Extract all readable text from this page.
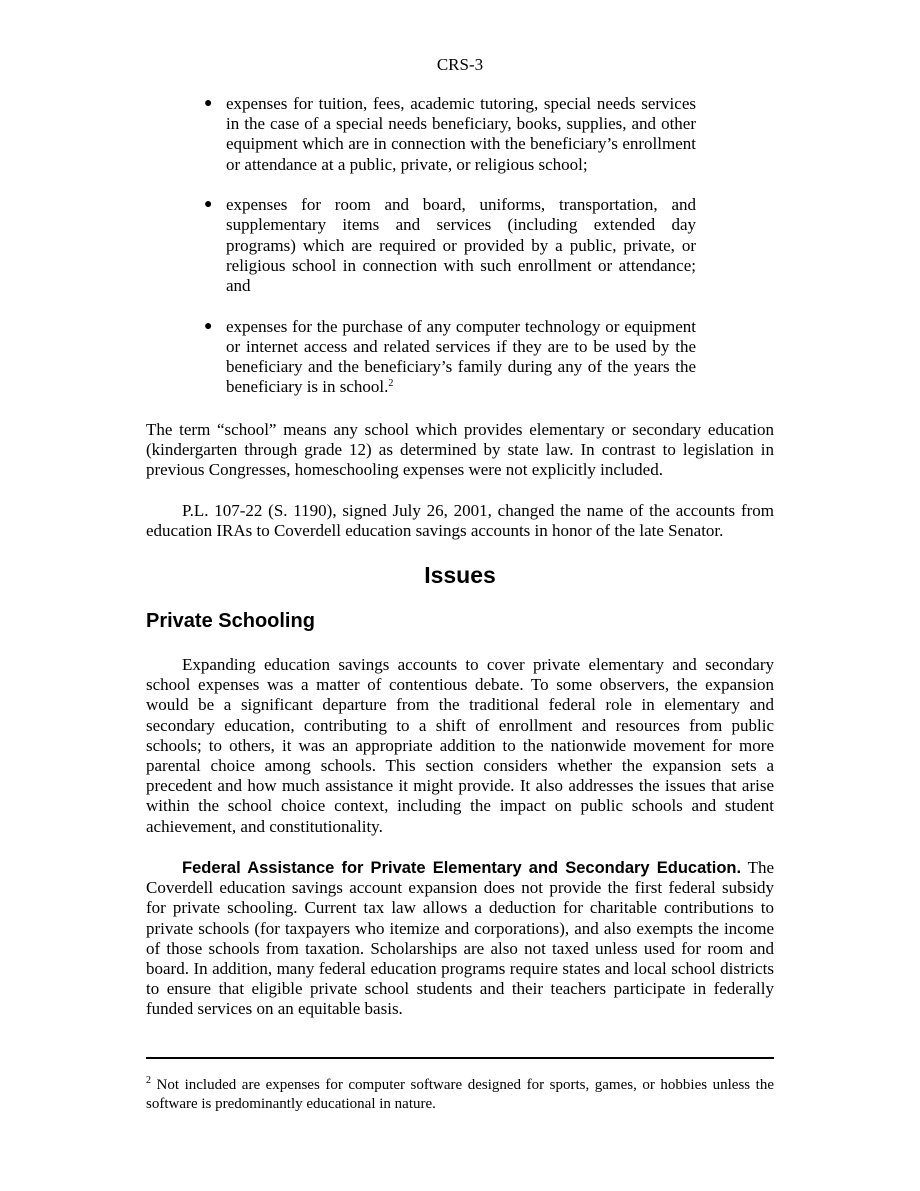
CRS-3
● expenses for tuition, fees, academic tutoring, special needs services in the case of a special needs beneficiary, books, supplies, and other equipment which are in connection with the beneficiary’s enrollment or attendance at a public, private, or religious school;
● expenses for room and board, uniforms, transportation, and supplementary items and services (including extended day programs) which are required or provided by a public, private, or religious school in connection with such enrollment or attendance; and
● expenses for the purchase of any computer technology or equipment or internet access and related services if they are to be used by the beneficiary and the beneficiary’s family during any of the years the beneficiary is in school.$^2$

The term “school” means any school which provides elementary or secondary education (kindergarten through grade 12) as determined by state law. In contrast to legislation in previous Congresses, homeschooling expenses were not explicitly included.

P.L. 107-22 (S. 1190), signed July 26, 2001, changed the name of the accounts from education IRAs to Coverdell education savings accounts in honor of the late Senator.

Issues
Private Schooling

Expanding education savings accounts to cover private elementary and secondary school expenses was a matter of contentious debate. To some observers, the expansion would be a significant departure from the traditional federal role in elementary and secondary education, contributing to a shift of enrollment and resources from public schools; to others, it was an appropriate addition to the nationwide movement for more parental choice among schools. This section considers whether the expansion sets a precedent and how much assistance it might provide. It also addresses the issues that arise within the school choice context, including the impact on public schools and student achievement, and constitutionality.

Federal Assistance for Private Elementary and Secondary Education. The Coverdell education savings account expansion does not provide the first federal subsidy for private schooling. Current tax law allows a deduction for charitable contributions to private schools (for taxpayers who itemize and corporations), and also exempts the income of those schools from taxation. Scholarships are also not taxed unless used for room and board. In addition, many federal education programs require states and local school districts to ensure that eligible private school students and their teachers participate in federally funded services on an equitable basis.

$^2$ Not included are expenses for computer software designed for sports, games, or hobbies unless the software is predominantly educational in nature.
